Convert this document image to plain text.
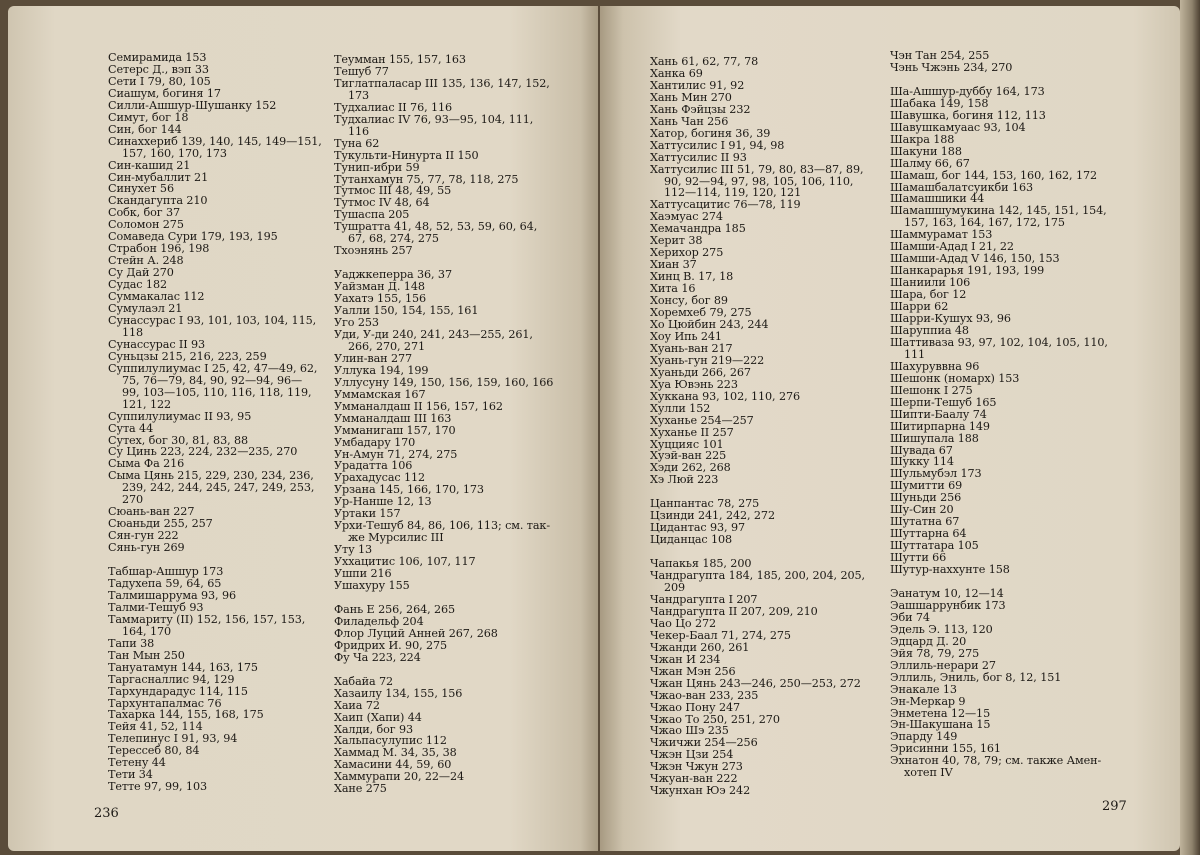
Семирамида 153
Сетерс Д., вэп 33
Сети I 79, 80, 105
Сиашум, богиня 17
Силли-Ашшур-Шушанку 152
Симут, бог 18
Син, бог 144
Синаххериб 139, 140, 145, 149—151,
157, 160, 170, 173
Син-кашид 21
Син-мубаллит 21
Синухет 56
Скандагупта 210
Собк, бог 37
Соломон 275
Сомаведа Сури 179, 193, 195
Страбон 196, 198
Стейн А. 248
Су Дай 270
Судас 182
Суммакалас 112
Сумулаэл 21
Сунассурас I 93, 101, 103, 104, 115,
118
Сунассурас II 93
Суньцзы 215, 216, 223, 259
Суппилулиумас I 25, 42, 47—49, 62,
75, 76—79, 84, 90, 92—94, 96—
99, 103—105, 110, 116, 118, 119,
121, 122
Суппилулиумас II 93, 95
Сута 44
Сутех, бог 30, 81, 83, 88
Су Цинь 223, 224, 232—235, 270
Сыма Фа 216
Сыма Цянь 215, 229, 230, 234, 236,
239, 242, 244, 245, 247, 249, 253,
270
Сюань-ван 227
Сюаньди 255, 257
Сян-гун 222
Сянь-гун 269
Табшар-Ашшур 173
Тадухепа 59, 64, 65
Талмишаррума 93, 96
Талми-Тешуб 93
Таммариту (II) 152, 156, 157, 153,
164, 170
Тапи 38
Тан Мын 250
Тануатамун 144, 163, 175
Таргасналлис 94, 129
Тархундарадус 114, 115
Тархунтапалмас 76
Тахарка 144, 155, 168, 175
Тейя 41, 52, 114
Телепинус I 91, 93, 94
Терессеб 80, 84
Тетену 44
Тети 34
Тетте 97, 99, 103
Теумман 155, 157, 163
Тешуб 77
Тиглатпаласар III 135, 136, 147, 152,
173
Тудхалиас II 76, 116
Тудхалиас IV 76, 93—95, 104, 111,
116
Туна 62
Тукульти-Нинурта II 150
Тунип-ибри 59
Тутанхамун 75, 77, 78, 118, 275
Тутмос III 48, 49, 55
Тутмос IV 48, 64
Тушаспа 205
Тушратта 41, 48, 52, 53, 59, 60, 64,
67, 68, 274, 275
Тхоэнянь 257
Уаджкеперра 36, 37
Уайзман Д. 148
Уахатэ 155, 156
Уалли 150, 154, 155, 161
Уго 253
Уди, У-ди 240, 241, 243—255, 261,
266, 270, 271
Улин-ван 277
Уллука 194, 199
Уллусуну 149, 150, 156, 159, 160, 166
Уммамская 167
Умманалдаш II 156, 157, 162
Умманалдаш III 163
Умманигаш 157, 170
Умбадару 170
Ун-Амун 71, 274, 275
Урадатта 106
Урахадусас 112
Урзана 145, 166, 170, 173
Ур-Нанше 12, 13
Уртаки 157
Урхи-Тешуб 84, 86, 106, 113; см. так-
же Мурсилис III
Уту 13
Уххацитис 106, 107, 117
Ушпи 216
Ушахуру 155
Фань Е 256, 264, 265
Филадельф 204
Флор Луций Анней 267, 268
Фридрих И. 90, 275
Фу Ча 223, 224
Хабайа 72
Хазаилу 134, 155, 156
Хаиа 72
Хаип (Хапи) 44
Халди, бог 93
Хальпасулупис 112
Хаммад М. 34, 35, 38
Хамасини 44, 59, 60
Хаммурапи 20, 22—24
Хане 275
236
Хань 61, 62, 77, 78
Ханка 69
Хантилис 91, 92
Хань Мин 270
Хань Фэйцзы 232
Хань Чан 256
Хатор, богиня 36, 39
Хаттусилис I 91, 94, 98
Хаттусилис II 93
Хаттусилис III 51, 79, 80, 83—87, 89,
90, 92—94, 97, 98, 105, 106, 110,
112—114, 119, 120, 121
Хаттусацитис 76—78, 119
Хаэмуас 274
Хемачандра 185
Херит 38
Херихор 275
Хиан 37
Хинц В. 17, 18
Хита 16
Хонсу, бог 89
Хоремхеб 79, 275
Хо Цюйбин 243, 244
Хоу Ипь 241
Хуань-ван 217
Хуань-гун 219—222
Хуаньди 266, 267
Хуа Ювэнь 223
Хуккана 93, 102, 110, 276
Хулли 152
Хуханье 254—257
Хуханье II 257
Хуццияс 101
Хуэй-ван 225
Хэди 262, 268
Хэ Люй 223
Цанпантас 78, 275
Цзинди 241, 242, 272
Цидантас 93, 97
Циданцас 108
Чапакья 185, 200
Чандрагупта 184, 185, 200, 204, 205,
209
Чандрагупта I 207
Чандрагупта II 207, 209, 210
Чао Цо 272
Чекер-Баал 71, 274, 275
Чжанди 260, 261
Чжан И 234
Чжан Мэн 256
Чжан Цянь 243—246, 250—253, 272
Чжао-ван 233, 235
Чжао Пону 247
Чжао То 250, 251, 270
Чжао Шэ 235
Чжичжи 254—256
Чжэн Цзи 254
Чжэн Чжун 273
Чжуан-ван 222
Чжунхан Юэ 242
Чэн Тан 254, 255
Чэнь Чжэнь 234, 270
Ша-Ашшур-дуббу 164, 173
Шабака 149, 158
Шавушка, богиня 112, 113
Шавушкамуаас 93, 104
Шакра 188
Шакуни 188
Шалму 66, 67
Шамаш, бог 144, 153, 160, 162, 172
Шамашбалатсуикби 163
Шамашшики 44
Шамашшумукина 142, 145, 151, 154,
157, 163, 164, 167, 172, 175
Шаммурамат 153
Шамши-Адад I 21, 22
Шамши-Адад V 146, 150, 153
Шанкарарья 191, 193, 199
Шаниили 106
Шара, бог 12
Шарри 62
Шарри-Кушух 93, 96
Шаруппиа 48
Шаттиваза 93, 97, 102, 104, 105, 110,
111
Шахуруввна 96
Шешонк (номарх) 153
Шешонк I 275
Шерпи-Тешуб 165
Шипти-Баалу 74
Шитирпарна 149
Шишупала 188
Шувада 67
Шукку 114
Шульмубэл 173
Шумитти 69
Шуньди 256
Шу-Син 20
Шутатна 67
Шуттарна 64
Шуттатара 105
Шутти 66
Шутур-нахxунте 158
Эанатум 10, 12—14
Эашшаррунбик 173
Эби 74
Эдель Э. 113, 120
Эдцард Д. 20
Эйя 78, 79, 275
Эллиль-нерари 27
Эллиль, Эниль, бог 8, 12, 151
Энакале 13
Эн-Меркар 9
Энметена 12—15
Эн-Шакушана 15
Эпарду 149
Эрисинни 155, 161
Эхнатон 40, 78, 79; см. также Амен-
хотеп IV
297
